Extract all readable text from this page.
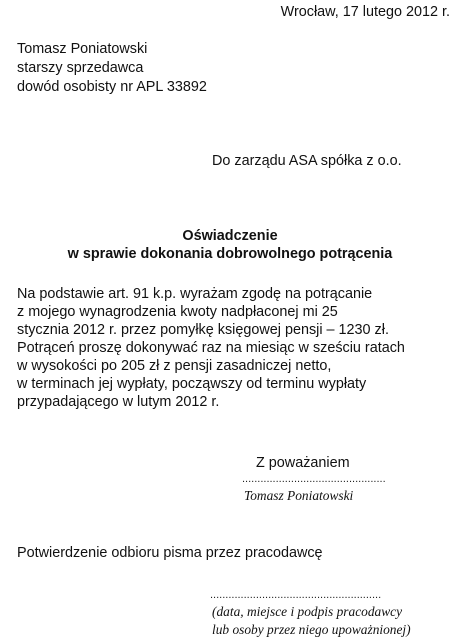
Wrocław, 17 lutego 2012 r.
Tomasz Poniatowski
starszy sprzedawca
dowód osobisty nr APL 33892
Do zarządu ASA spółka z o.o.
Oświadczenie
w sprawie dokonania dobrowolnego potrącenia
Na podstawie art. 91 k.p. wyrażam zgodę na potrącanie
z mojego wynagrodzenia kwoty nadpłaconej mi 25
stycznia 2012 r. przez pomyłkę księgowej pensji – 1230 zł.
Potrąceń proszę dokonywać raz na miesiąc w sześciu ratach
w wysokości po 205 zł z pensji zasadniczej netto,
w terminach jej wypłaty, począwszy od terminu wypłaty
przypadającego w lutym 2012 r.
Z poważaniem
...............................................
Tomasz Poniatowski
Potwierdzenie odbioru pisma przez pracodawcę
........................................................
(data, miejsce i podpis pracodawcy
lub osoby przez niego upoważnionej)
